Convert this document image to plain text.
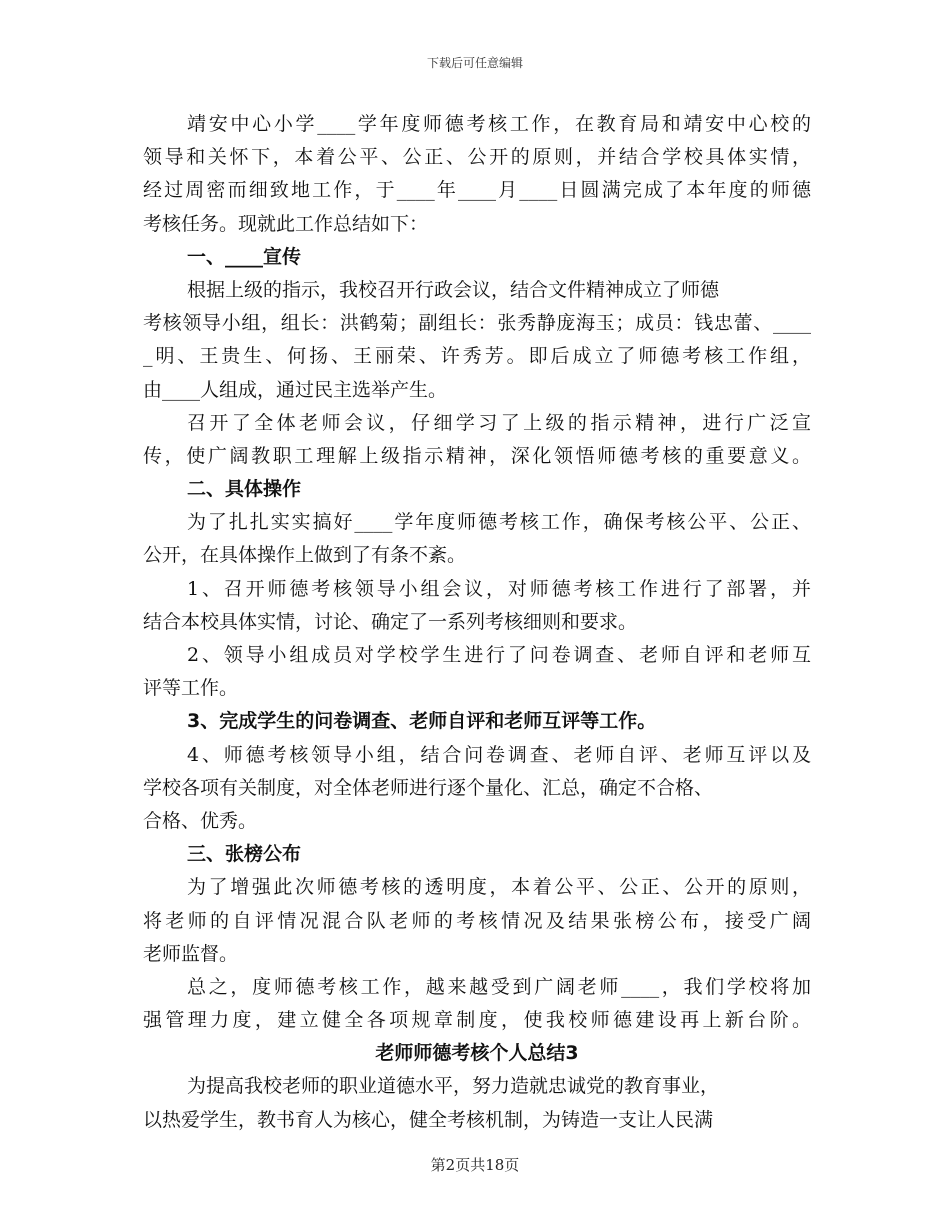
下载后可任意编辑
靖安中心小学____学年度师德考核工作，在教育局和靖安中心校的
领导和关怀下，本着公平、公正、公开的原则，并结合学校具体实情，
经过周密而细致地工作，于____年____月____日圆满完成了本年度的师德
考核任务。现就此工作总结如下：
一、____宣传
根据上级的指示，我校召开行政会议，结合文件精神成立了师德
考核领导小组，组长：洪鹤菊；副组长：张秀静庞海玉；成员：钱忠蕾、____
_明、王贵生、何扬、王丽荣、许秀芳。即后成立了师德考核工作组，
由____人组成，通过民主选举产生。
召开了全体老师会议，仔细学习了上级的指示精神，进行广泛宣
传，使广阔教职工理解上级指示精神，深化领悟师德考核的重要意义。
二、具体操作
为了扎扎实实搞好____学年度师德考核工作，确保考核公平、公正、
公开，在具体操作上做到了有条不紊。
1、召开师德考核领导小组会议，对师德考核工作进行了部署，并
结合本校具体实情，讨论、确定了一系列考核细则和要求。
2、领导小组成员对学校学生进行了问卷调查、老师自评和老师互
评等工作。
3、完成学生的问卷调查、老师自评和老师互评等工作。
4、师德考核领导小组，结合问卷调查、老师自评、老师互评以及
学校各项有关制度，对全体老师进行逐个量化、汇总，确定不合格、
合格、优秀。
三、张榜公布
为了增强此次师德考核的透明度，本着公平、公正、公开的原则，
将老师的自评情况混合队老师的考核情况及结果张榜公布，接受广阔
老师监督。
总之，度师德考核工作，越来越受到广阔老师____，我们学校将加
强管理力度，建立健全各项规章制度，使我校师德建设再上新台阶。
老师师德考核个人总结3
为提高我校老师的职业道德水平，努力造就忠诚党的教育事业，
以热爱学生，教书育人为核心，健全考核机制，为铸造一支让人民满
第2页共18页
